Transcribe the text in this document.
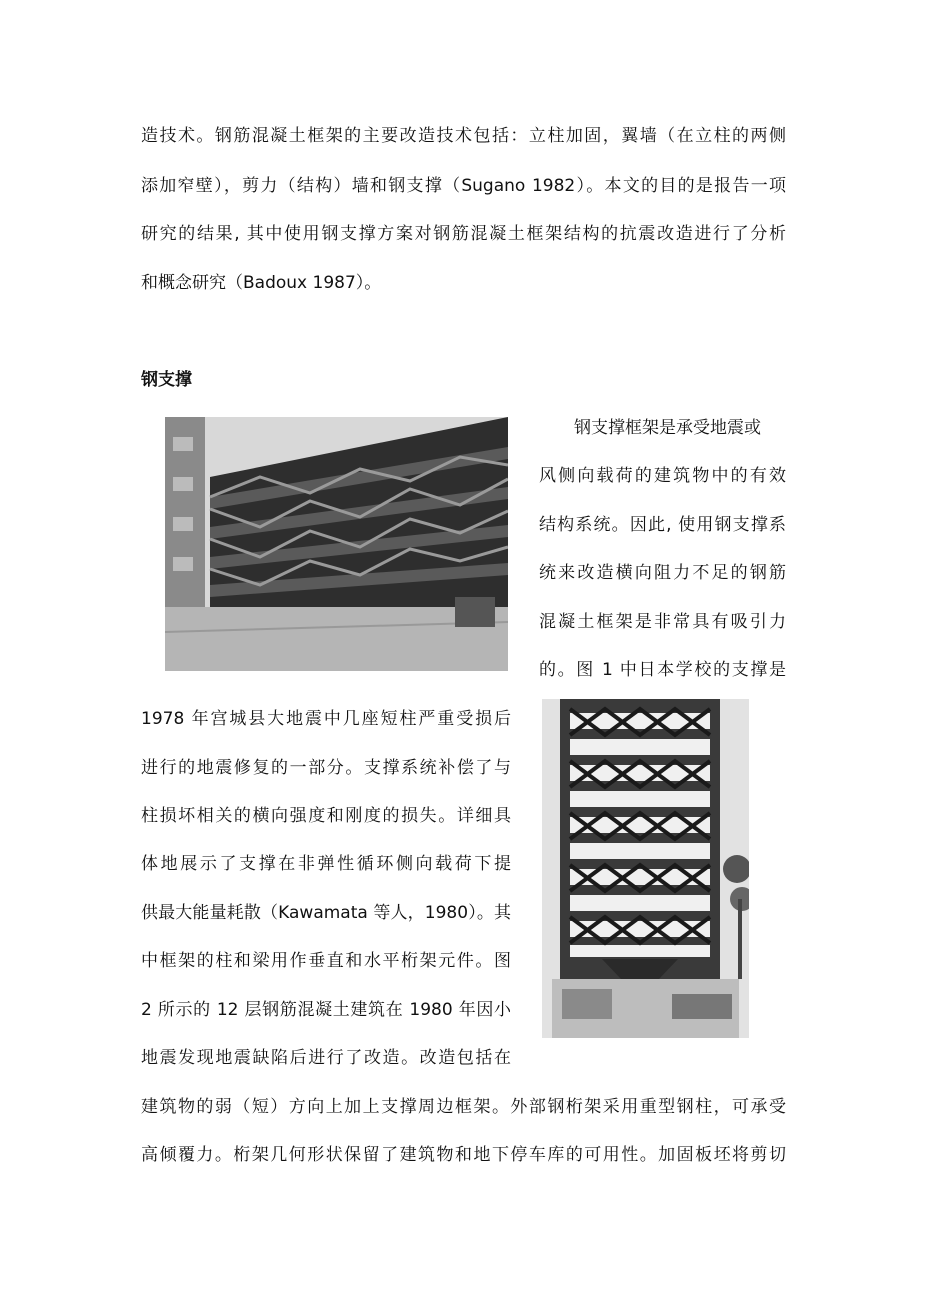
造技术。钢筋混凝土框架的主要改造技术包括：立柱加固，翼墙（在立柱的两侧
添加窄壁），剪力（结构）墙和钢支撑（Sugano 1982）。本文的目的是报告一项
研究的结果, 其中使用钢支撑方案对钢筋混凝土框架结构的抗震改造进行了分析
和概念研究（Badoux 1987）。
钢支撑
钢支撑框架是承受地震或
风侧向载荷的建筑物中的有效
结构系统。因此, 使用钢支撑系
统来改造横向阻力不足的钢筋
混凝土框架是非常具有吸引力
的。图 1 中日本学校的支撑是
1978 年宫城县大地震中几座短柱严重受损后
进行的地震修复的一部分。支撑系统补偿了与
柱损坏相关的横向强度和刚度的损失。详细具
体地展示了支撑在非弹性循环侧向载荷下提
供最大能量耗散（Kawamata 等人，1980）。其
中框架的柱和梁用作垂直和水平桁架元件。图
2 所示的 12 层钢筋混凝土建筑在 1980 年因小
地震发现地震缺陷后进行了改造。改造包括在
建筑物的弱（短）方向上加上支撑周边框架。外部钢桁架采用重型钢柱，可承受
高倾覆力。桁架几何形状保留了建筑物和地下停车库的可用性。加固板坯将剪切
